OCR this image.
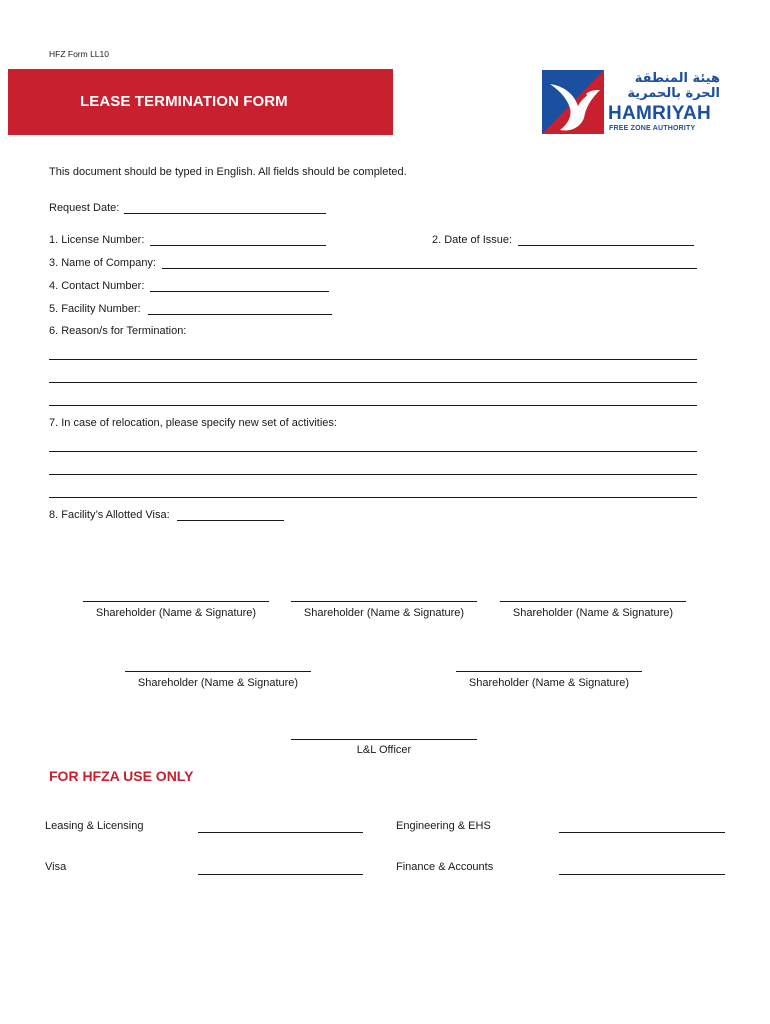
HFZ Form LL10
LEASE TERMINATION FORM
هيئة المنطقة
الحرة بالحمرية
HAMRIYAH
FREE ZONE AUTHORITY
This document should be typed in English. All fields should be completed.
Request Date:
1. License Number:	2. Date of Issue:
3. Name of Company:
4. Contact Number:
5. Facility Number:
6. Reason/s for Termination:
7. In case of relocation, please specify new set of activities:
8. Facility’s Allotted Visa:
Shareholder (Name & Signature)	Shareholder (Name & Signature)	Shareholder (Name & Signature)
Shareholder (Name & Signature)	Shareholder (Name & Signature)
L&L Officer
FOR HFZA USE ONLY
Leasing & Licensing	Engineering & EHS
Visa	Finance & Accounts
